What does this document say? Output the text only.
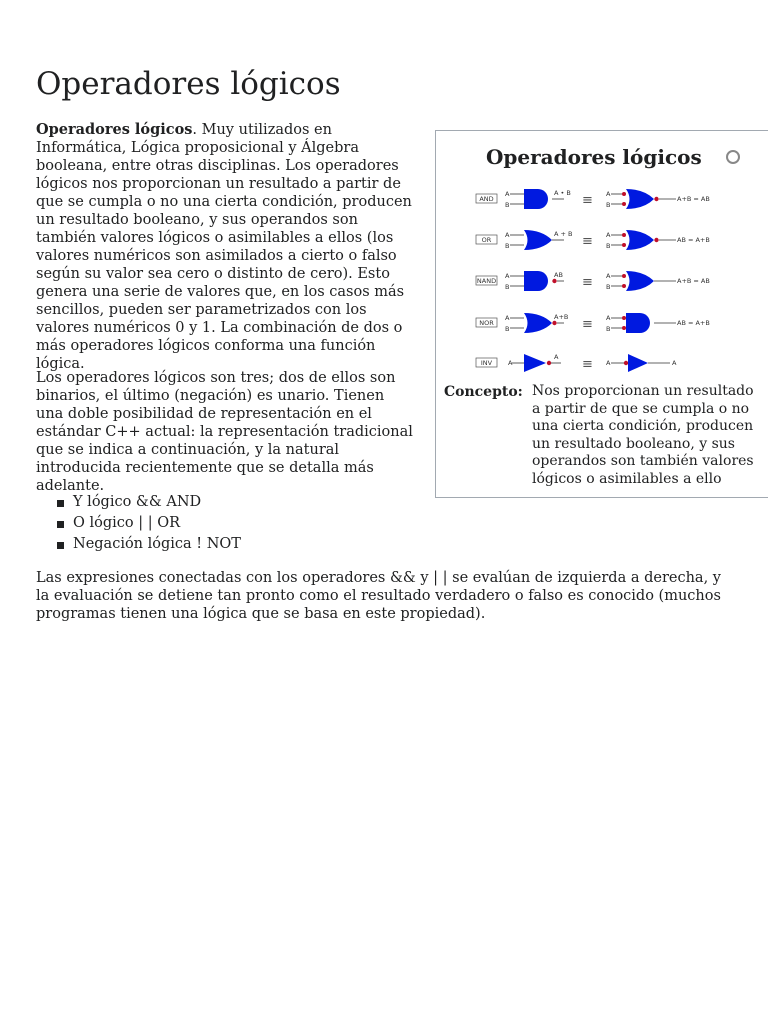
Operadores lógicos

Operadores lógicos. Muy utilizados en Informática, Lógica proposicional y Álgebra booleana, entre otras disciplinas. Los operadores lógicos nos proporcionan un resultado a partir de que se cumpla o no una cierta condición, producen un resultado booleano, y sus operandos son también valores lógicos o asimilables a ellos (los valores numéricos son asimilados a cierto o falso según su valor sea cero o distinto de cero). Esto genera una serie de valores que, en los casos más sencillos, pueden ser parametrizados con los valores numéricos 0 y 1. La combinación de dos o más operadores lógicos conforma una función lógica.

Los operadores lógicos son tres; dos de ellos son binarios, el último (negación) es unario. Tienen una doble posibilidad de representación en el estándar C++ actual: la representación tradicional que se indica a continuación, y la natural introducida recientemente que se detalla más adelante.

Y lógico && AND
O lógico | | OR
Negación lógica ! NOT

Las expresiones conectadas con los operadores && y | | se evalúan de izquierda a derecha, y la evaluación se detiene tan pronto como el resultado verdadero o falso es conocido (muchos programas tienen una lógica que se basa en este propiedad).

Operadores lógicos
AND
A
B
A • B ≡ A
B
A+B = AB
OR
A
B
A + B ≡ A
B
AB = A+B
NAND
A
B
AB ≡ A
B
A+B = AB
NOR
A
B
A+B ≡ A
B
AB = A+B
INV A
A ≡ A	A
Concepto: Nos proporcionan un resultado
a partir de que se cumpla o no
una cierta condición, producen
un resultado booleano, y sus
operandos son también valores
lógicos o asimilables a ello
